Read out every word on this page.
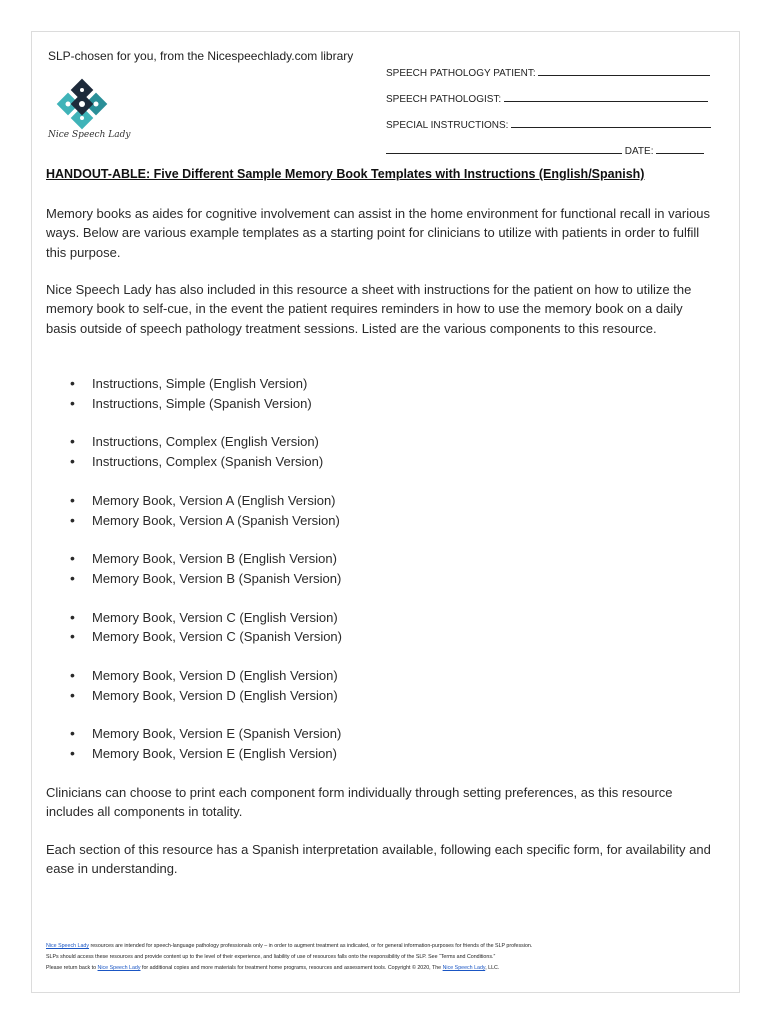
SLP-chosen for you, from the Nicespeechlady.com library
Nice Speech Lady
SPEECH PATHOLOGY PATIENT:
SPEECH PATHOLOGIST:
SPECIAL INSTRUCTIONS:
DATE:
HANDOUT-ABLE: Five Different Sample Memory Book Templates with Instructions (English/Spanish)
Memory books as aides for cognitive involvement can assist in the home environment for functional recall in various ways. Below are various example templates as a starting point for clinicians to utilize with patients in order to fulfill this purpose.
Nice Speech Lady has also included in this resource a sheet with instructions for the patient on how to utilize the memory book to self-cue, in the event the patient requires reminders in how to use the memory book on a daily basis outside of speech pathology treatment sessions. Listed are the various components to this resource.
• Instructions, Simple (English Version)
• Instructions, Simple (Spanish Version)
• Instructions, Complex (English Version)
• Instructions, Complex (Spanish Version)
• Memory Book, Version A (English Version)
• Memory Book, Version A (Spanish Version)
• Memory Book, Version B (English Version)
• Memory Book, Version B (Spanish Version)
• Memory Book, Version C (English Version)
• Memory Book, Version C (Spanish Version)
• Memory Book, Version D (English Version)
• Memory Book, Version D (English Version)
• Memory Book, Version E (Spanish Version)
• Memory Book, Version E (English Version)
Clinicians can choose to print each component form individually through setting preferences, as this resource includes all components in totality.
Each section of this resource has a Spanish interpretation available, following each specific form, for availability and ease in understanding.
Nice Speech Lady resources are intended for speech-language pathology professionals only – in order to augment treatment as indicated, or for general information-purposes for friends of the SLP profession.
SLPs should access these resources and provide content up to the level of their experience, and liability of use of resources falls onto the responsibility of the SLP. See “Terms and Conditions.”
Please return back to Nice Speech Lady for additional copies and more materials for treatment home programs, resources and assessment tools. Copyright © 2020, The Nice Speech Lady, LLC.
